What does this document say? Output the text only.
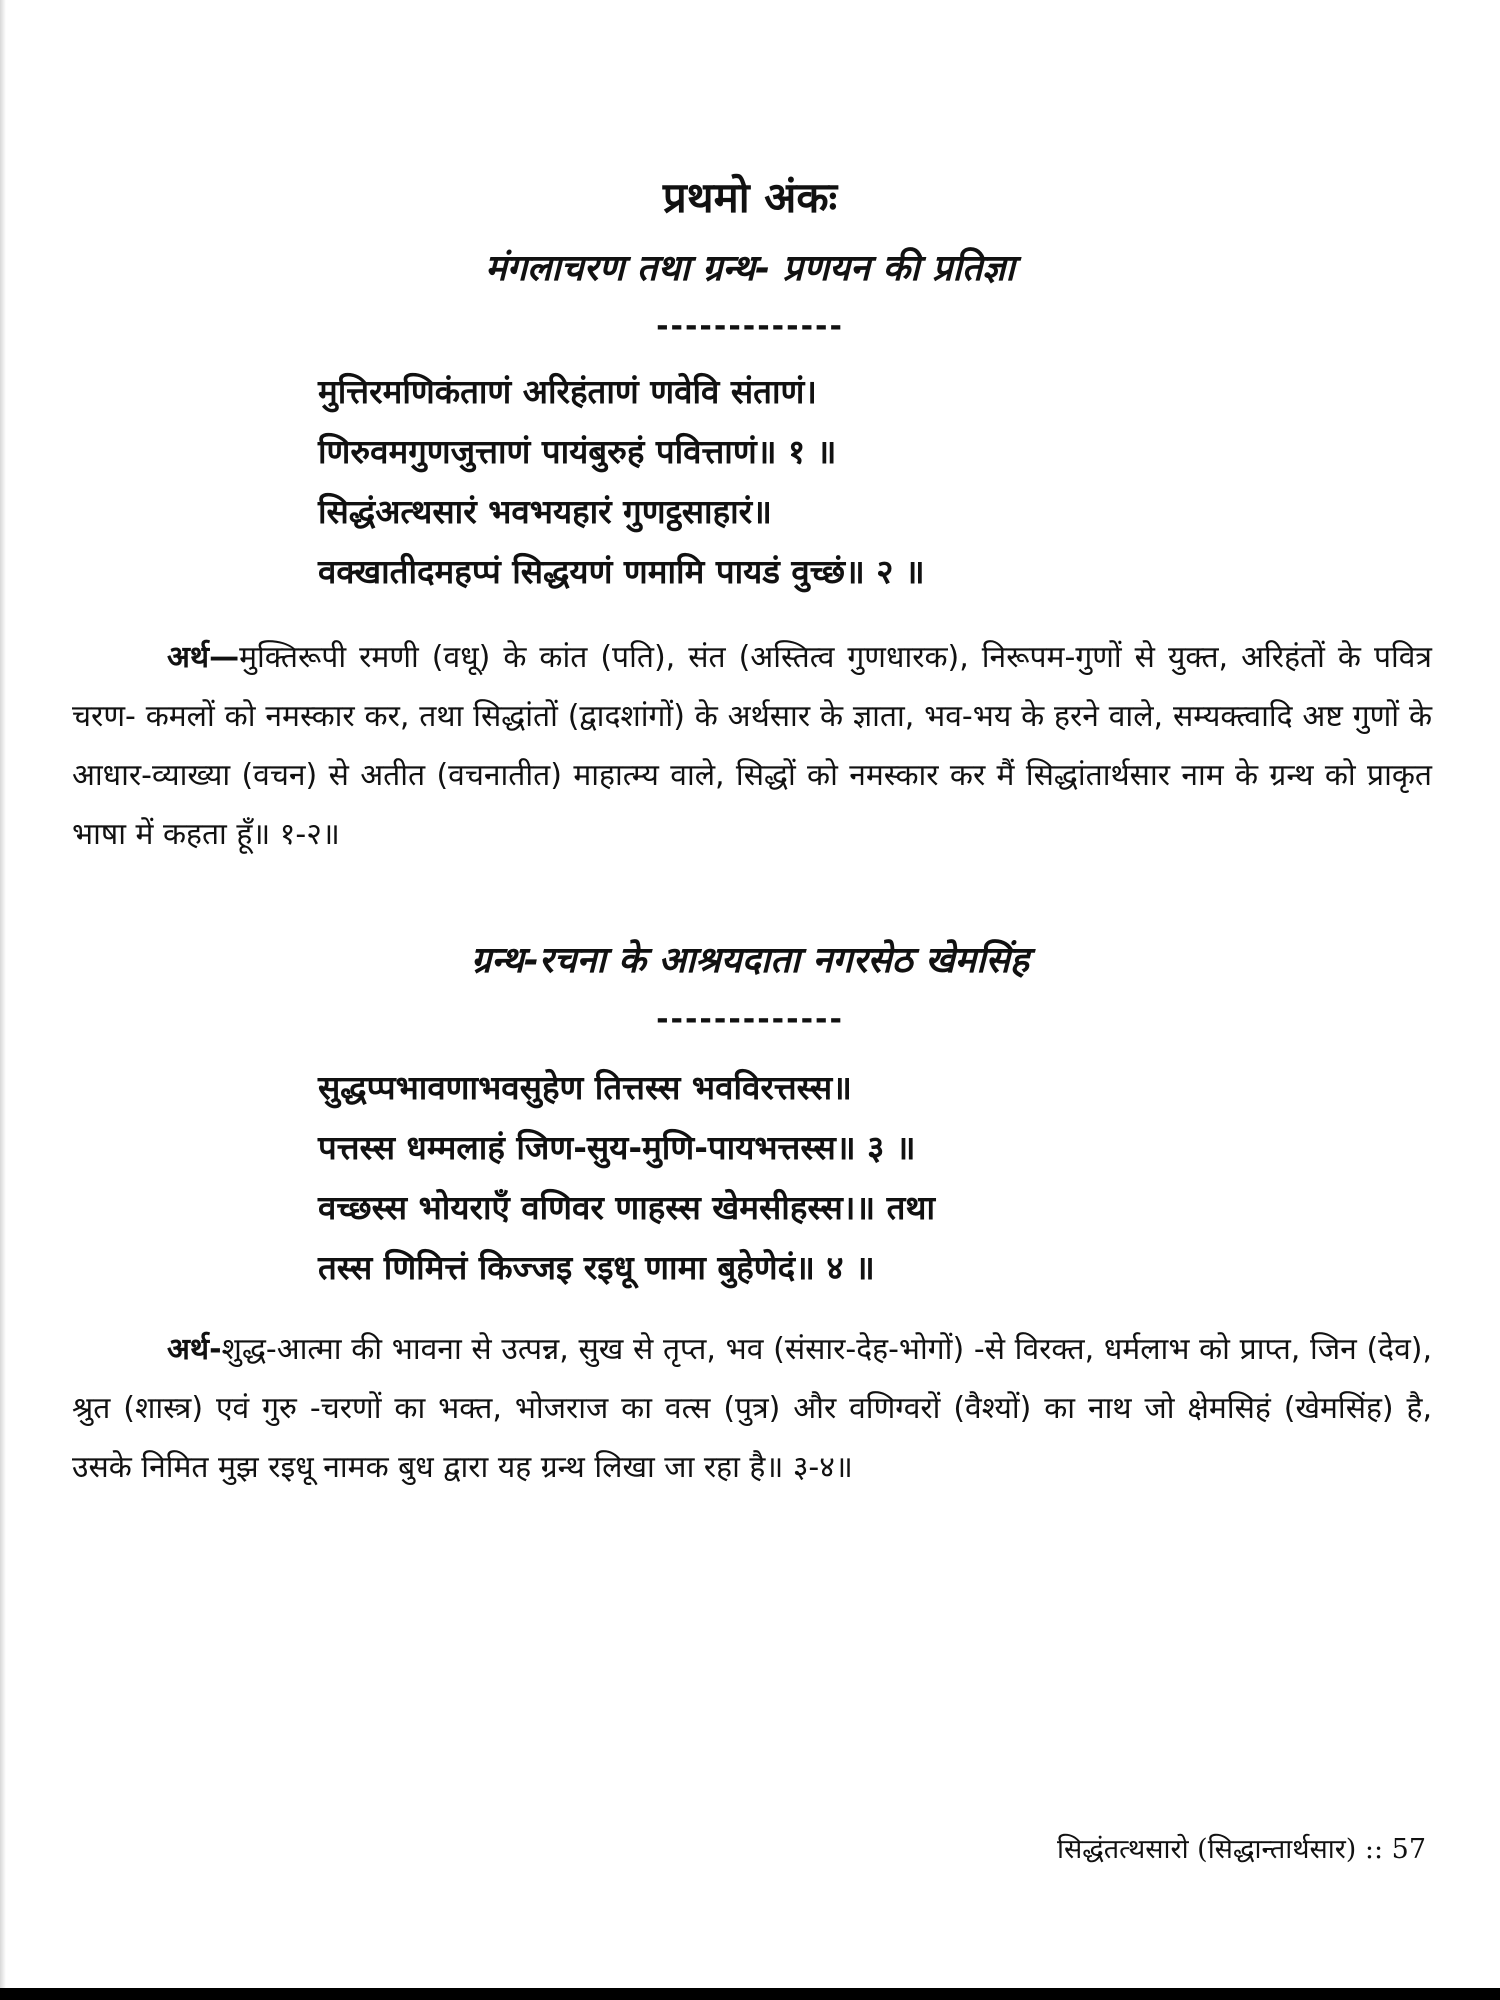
प्रथमो अंकः
मंगलाचरण तथा ग्रन्थ- प्रणयन की प्रतिज्ञा
-------------
मुत्तिरमणिकंताणं अरिहंताणं णवेवि संताणं।
णिरुवमगुणजुत्ताणं पायंबुरुहं पवित्ताणं॥ १ ॥
सिद्धंअत्थसारं भवभयहारं गुणट्ठसाहारं॥
वक्खातीदमहप्पं सिद्धयणं णमामि पायडं वुच्छं॥ २ ॥
अर्थ—मुक्तिरूपी रमणी (वधू) के कांत (पति), संत (अस्तित्व गुणधारक), निरूपम-गुणों से युक्त, अरिहंतों के पवित्र चरण- कमलों को नमस्कार कर, तथा सिद्धांतों (द्वादशांगों) के अर्थसार के ज्ञाता, भव-भय के हरने वाले, सम्यक्त्वादि अष्ट गुणों के आधार-व्याख्या (वचन) से अतीत (वचनातीत) माहात्म्य वाले, सिद्धों को नमस्कार कर मैं सिद्धांतार्थसार नाम के ग्रन्थ को प्राकृत भाषा में कहता हूँ॥ १-२॥
ग्रन्थ-रचना के आश्रयदाता नगरसेठ खेमसिंह
-------------
सुद्धप्पभावणाभवसुहेण तित्तस्स भवविरत्तस्स॥
पत्तस्स धम्मलाहं जिण-सुय-मुणि-पायभत्तस्स॥ ३ ॥
वच्छस्स भोयराएँ वणिवर णाहस्स खेमसीहस्स।॥ तथा
तस्स णिमित्तं किज्जइ रइधू णामा बुहेणेदं॥ ४ ॥
अर्थ-शुद्ध-आत्मा की भावना से उत्पन्न, सुख से तृप्त, भव (संसार-देह-भोगों) -से विरक्त, धर्मलाभ को प्राप्त, जिन (देव), श्रुत (शास्त्र) एवं गुरु -चरणों का भक्त, भोजराज का वत्स (पुत्र) और वणिग्वरों (वैश्यों) का नाथ जो क्षेमसिहं (खेमसिंह) है, उसके निमित मुझ रइधू नामक बुध द्वारा यह ग्रन्थ लिखा जा रहा है॥ ३-४॥
सिद्धंतत्थसारो (सिद्धान्तार्थसार) :: 57
